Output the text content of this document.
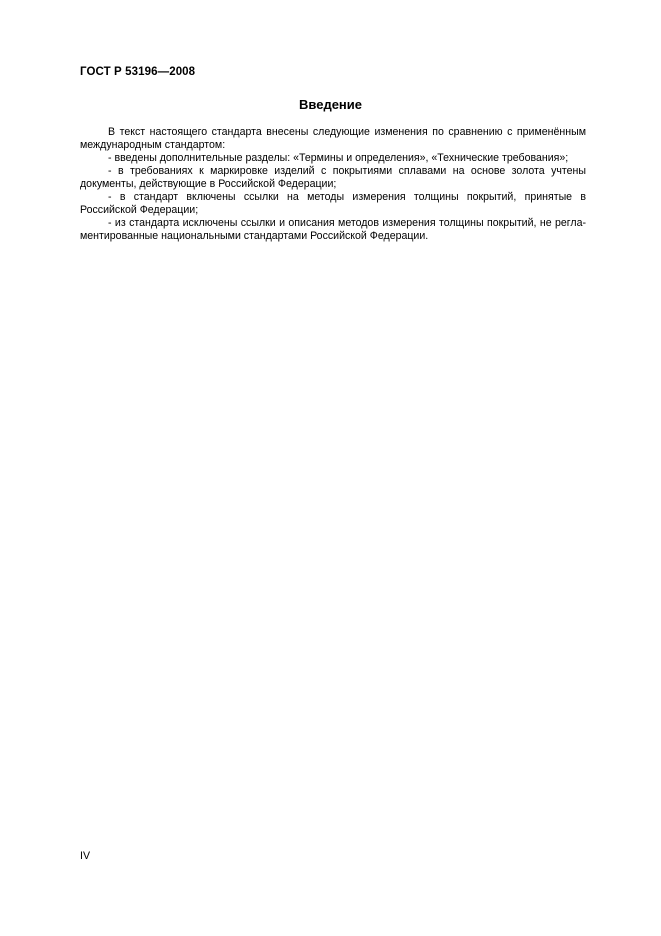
ГОСТ Р 53196—2008
Введение

В текст настоящего стандарта внесены следующие изменения по сравнению с применённым международным стандартом:

- введены дополнительные разделы: «Термины и определения», «Технические требования»;

- в требованиях к маркировке изделий с покрытиями сплавами на основе золота учтены документы, действующие в Российской Федерации;

- в стандарт включены ссылки на методы измерения толщины покрытий, принятые в Российской Федерации;

- из стандарта исключены ссылки и описания методов измерения толщины покрытий, не регламентированные национальными стандартами Российской Федерации.

IV
